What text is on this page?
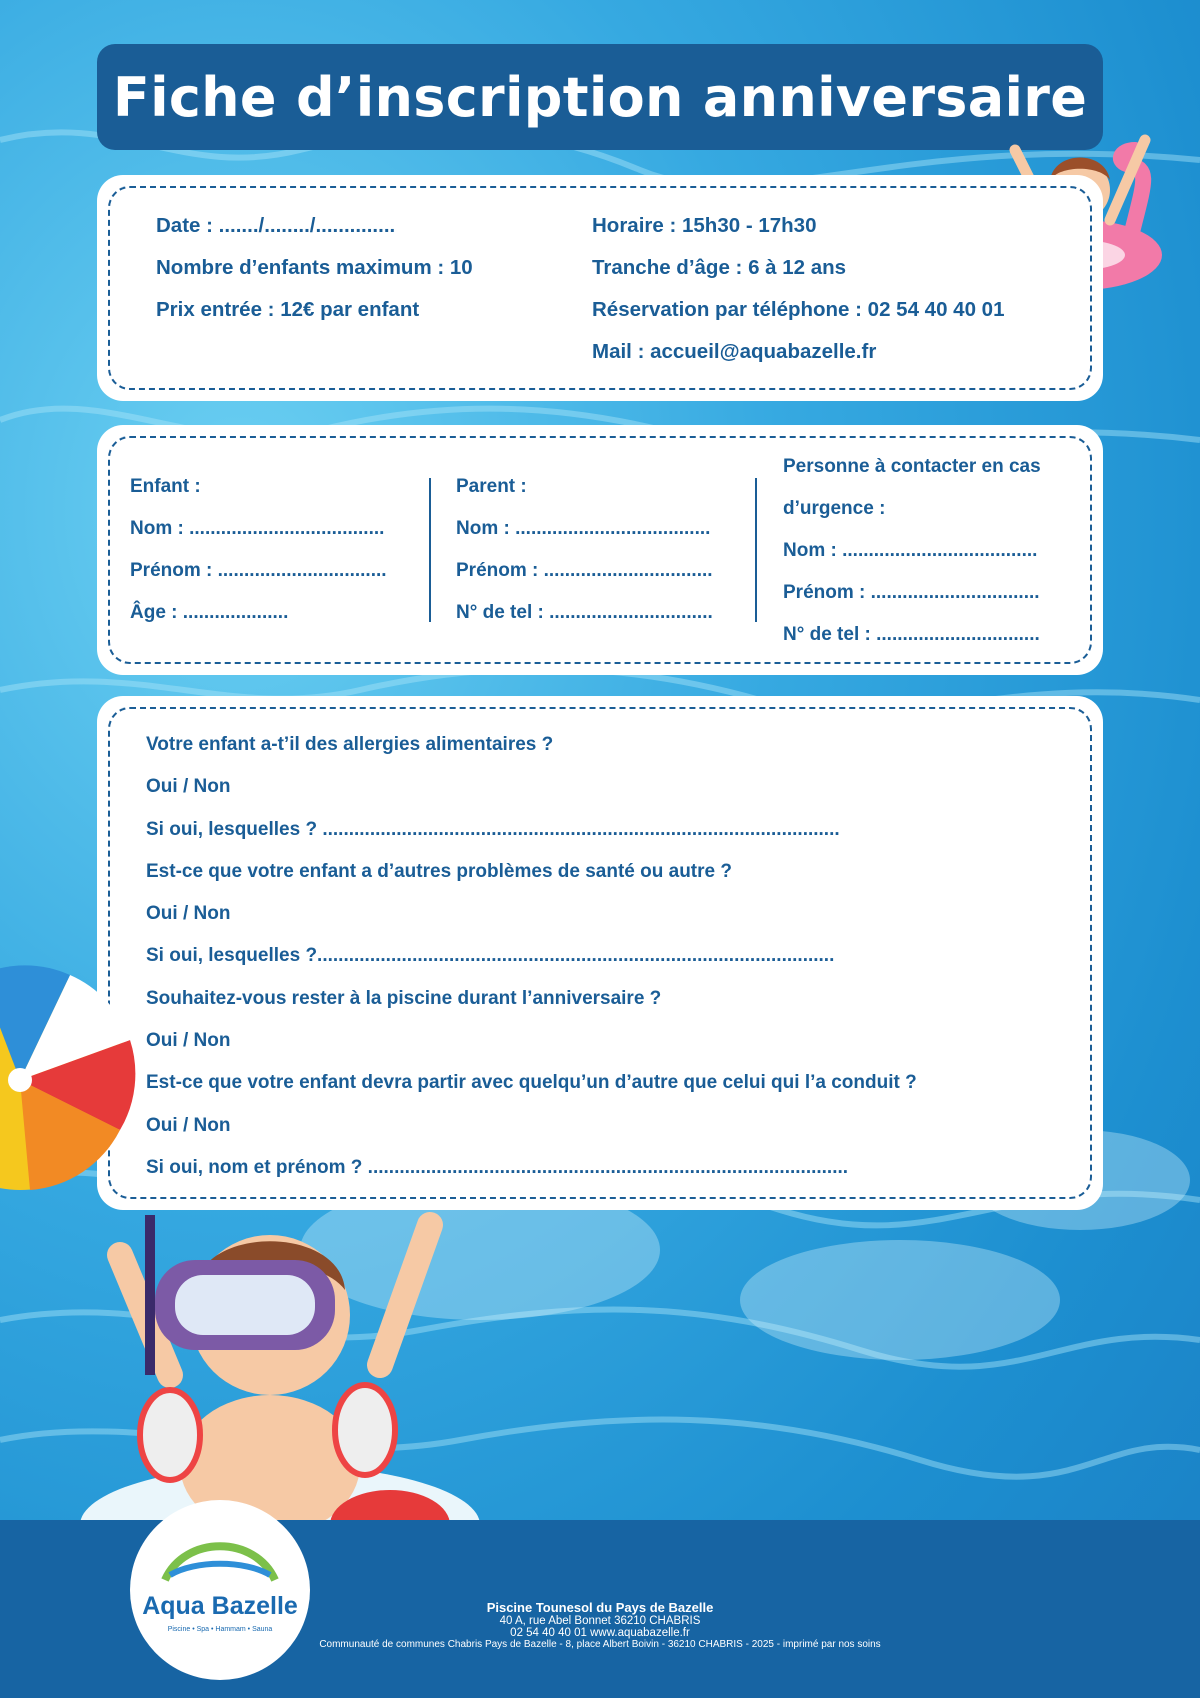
Fiche d’inscription anniversaire
Date : ......./......../..............
Nombre d’enfants maximum : 10
Prix entrée : 12€ par enfant
Horaire : 15h30 - 17h30
Tranche d’âge : 6 à 12 ans
Réservation par téléphone : 02 54 40 40 01
Mail : accueil@aquabazelle.fr
Enfant :
Nom : .....................................
Prénom : ................................
Âge : ....................
Parent :
Nom : .....................................
Prénom : ................................
N° de tel : ...............................
Personne à contacter en cas
d’urgence :
Nom : .....................................
Prénom : ................................
N° de tel : ...............................
Votre enfant a-t’il des allergies alimentaires ?
Oui / Non
Si oui, lesquelles ? ..................................................................................................
Est-ce que votre enfant a d’autres problèmes de santé ou autre ?
Oui / Non
Si oui, lesquelles ?..................................................................................................
Souhaitez-vous rester à la piscine durant l’anniversaire ?
Oui / Non
Est-ce que votre enfant devra partir avec quelqu’un d’autre que celui qui l’a conduit ?
Oui / Non
Si oui, nom et prénom ? ...........................................................................................
Aqua Bazelle
Piscine • Spa • Hammam • Sauna
Piscine Tounesol du Pays de Bazelle
40 A, rue Abel Bonnet 36210 CHABRIS
02 54 40 40 01 www.aquabazelle.fr
Communauté de communes Chabris Pays de Bazelle - 8, place Albert Boivin - 36210 CHABRIS - 2025 - imprimé par nos soins
